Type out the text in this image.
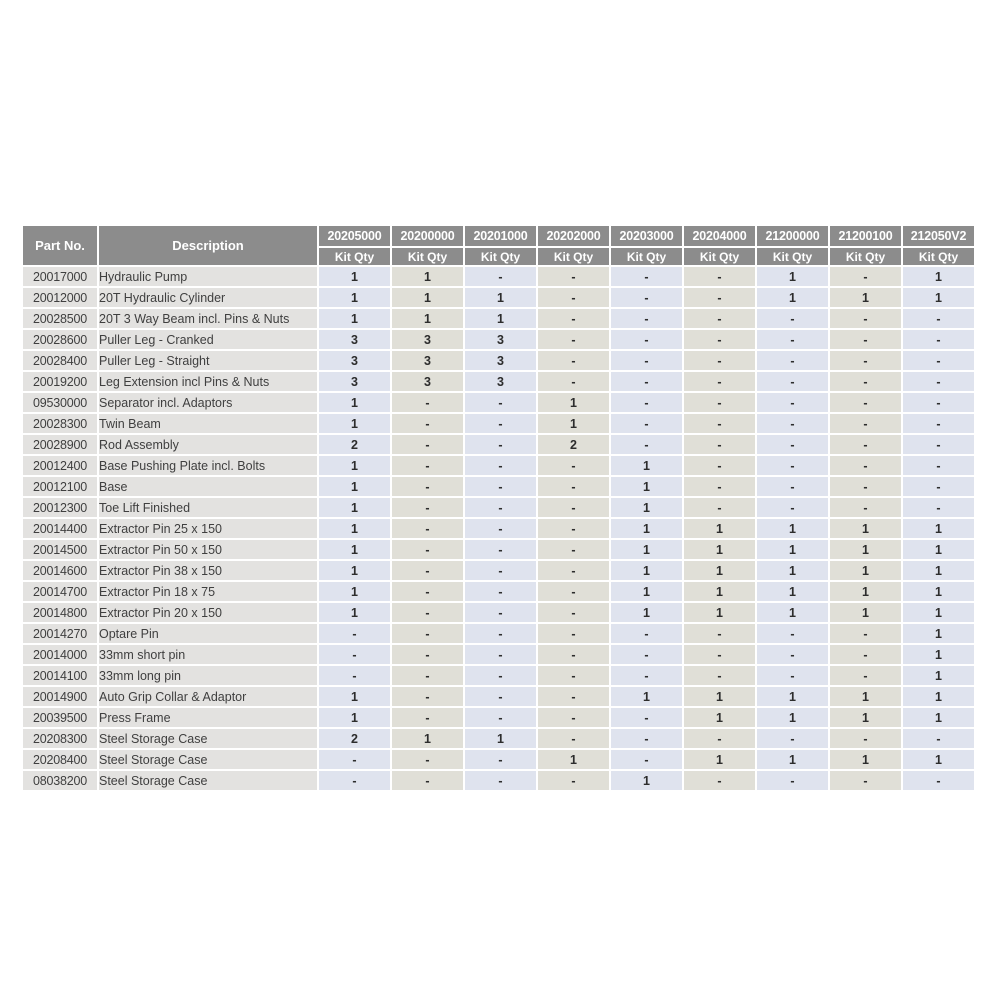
Part No.	Description	20205000	20200000	20201000	20202000	20203000	20204000	21200000	21200100	212050V2
		Kit Qty	Kit Qty	Kit Qty	Kit Qty	Kit Qty	Kit Qty	Kit Qty	Kit Qty	Kit Qty
20017000	Hydraulic Pump	1	1	-	-	-	-	1	-	1
20012000	20T Hydraulic Cylinder	1	1	1	-	-	-	1	1	1
20028500	20T 3 Way Beam incl. Pins & Nuts	1	1	1	-	-	-	-	-	-
20028600	Puller Leg - Cranked	3	3	3	-	-	-	-	-	-
20028400	Puller Leg - Straight	3	3	3	-	-	-	-	-	-
20019200	Leg Extension incl Pins & Nuts	3	3	3	-	-	-	-	-	-
09530000	Separator incl. Adaptors	1	-	-	1	-	-	-	-	-
20028300	Twin Beam	1	-	-	1	-	-	-	-	-
20028900	Rod Assembly	2	-	-	2	-	-	-	-	-
20012400	Base Pushing Plate incl. Bolts	1	-	-	-	1	-	-	-	-
20012100	Base	1	-	-	-	1	-	-	-	-
20012300	Toe Lift Finished	1	-	-	-	1	-	-	-	-
20014400	Extractor Pin 25 x 150	1	-	-	-	1	1	1	1	1
20014500	Extractor Pin 50 x 150	1	-	-	-	1	1	1	1	1
20014600	Extractor Pin 38 x 150	1	-	-	-	1	1	1	1	1
20014700	Extractor Pin 18 x 75	1	-	-	-	1	1	1	1	1
20014800	Extractor Pin 20 x 150	1	-	-	-	1	1	1	1	1
20014270	Optare Pin	-	-	-	-	-	-	-	-	1
20014000	33mm short pin	-	-	-	-	-	-	-	-	1
20014100	33mm long pin	-	-	-	-	-	-	-	-	1
20014900	Auto Grip Collar & Adaptor	1	-	-	-	1	1	1	1	1
20039500	Press Frame	1	-	-	-	-	1	1	1	1
20208300	Steel Storage Case	2	1	1	-	-	-	-	-	-
20208400	Steel Storage Case	-	-	-	1	-	1	1	1	1
08038200	Steel Storage Case	-	-	-	-	1	-	-	-	-
